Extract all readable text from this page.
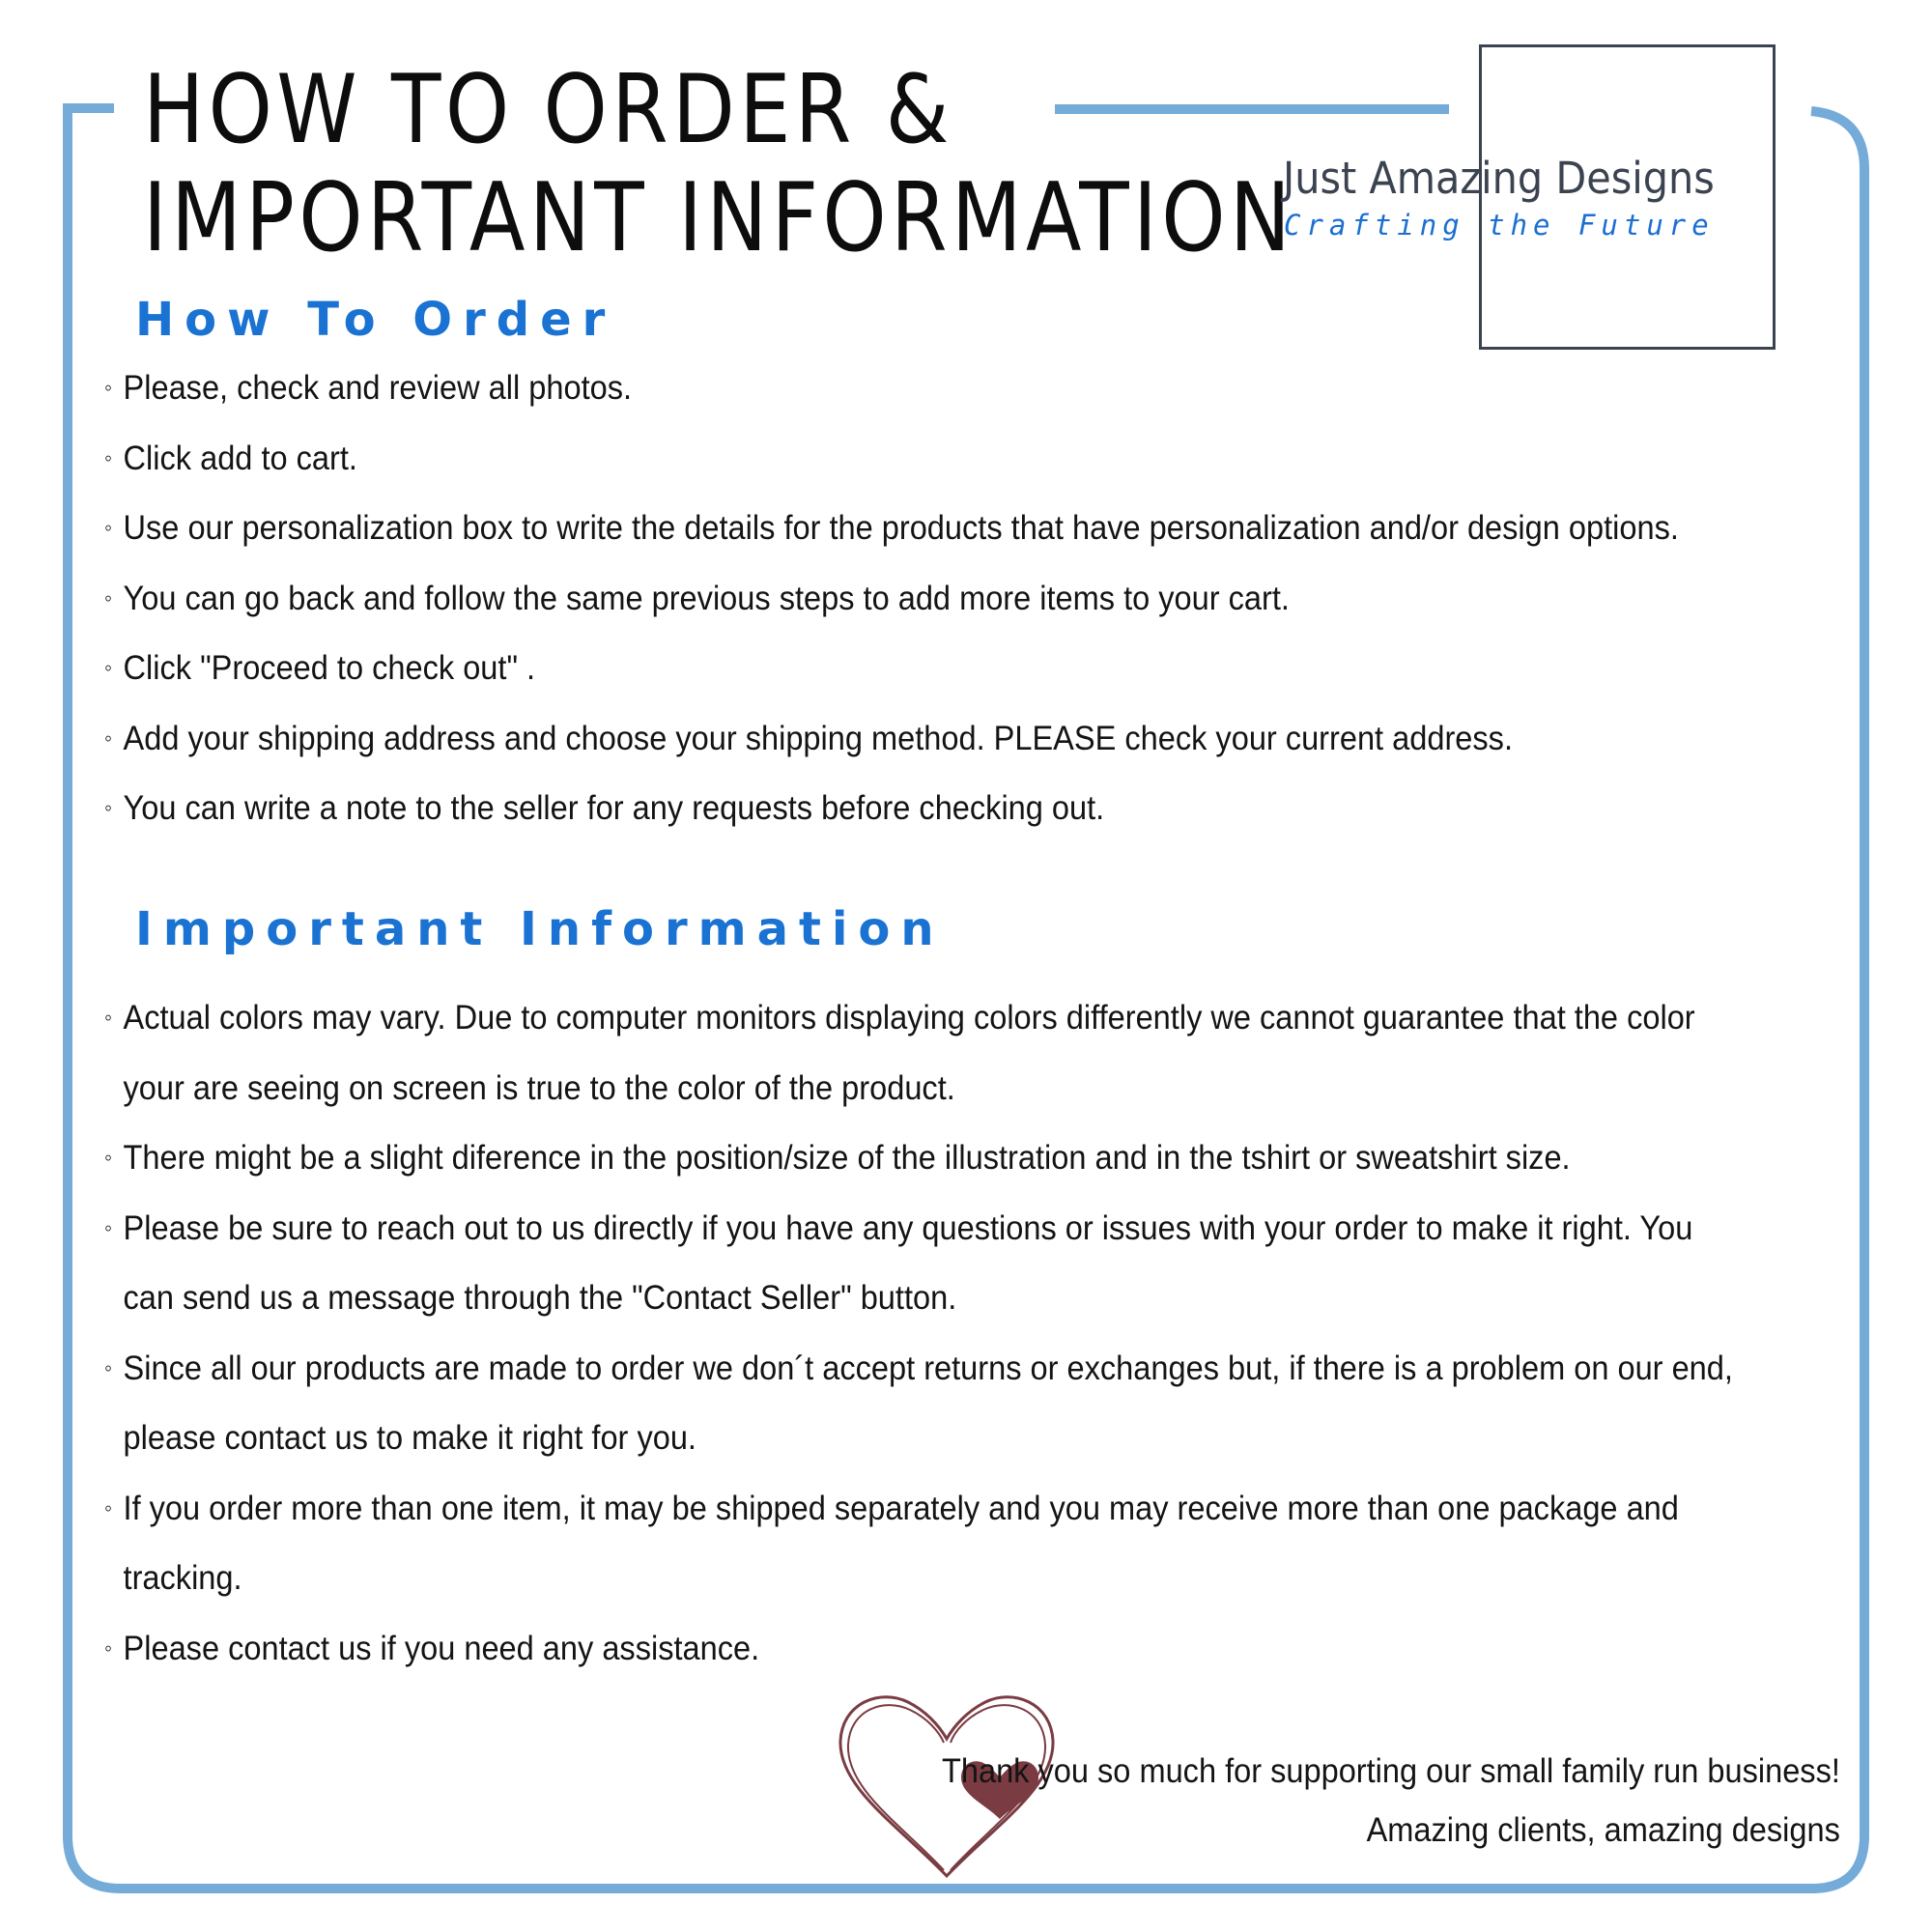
HOW TO ORDER &
IMPORTANT INFORMATION
Just Amazing Designs
Crafting the Future
How To Order
◦ Please, check and review all photos.
◦ Click add to cart.
◦ Use our personalization box to write the details for the products that have personalization and/or design options.
◦ You can go back and follow the same previous steps to add more items to your cart.
◦ Click "Proceed to check out" .
◦ Add your shipping address and choose your shipping method. PLEASE check your current address.
◦ You can write a note to the seller for any requests before checking out.
Important Information
◦ Actual colors may vary. Due to computer monitors displaying colors differently we cannot guarantee that the color your are seeing on screen is true to the color of the product.
◦ There might be a slight diference in the position/size of the illustration and in the tshirt or sweatshirt size.
◦ Please be sure to reach out to us directly if you have any questions or issues with your order to make it right. You can send us a message through the "Contact Seller" button.
◦ Since all our products are made to order we don´t accept returns or exchanges but, if there is a problem on our end, please contact us to make it right for you.
◦ If you order more than one item, it may be shipped separately and you may receive more than one package and tracking.
◦ Please contact us if you need any assistance.
Thank you so much for supporting our small family run business!
Amazing clients, amazing designs
